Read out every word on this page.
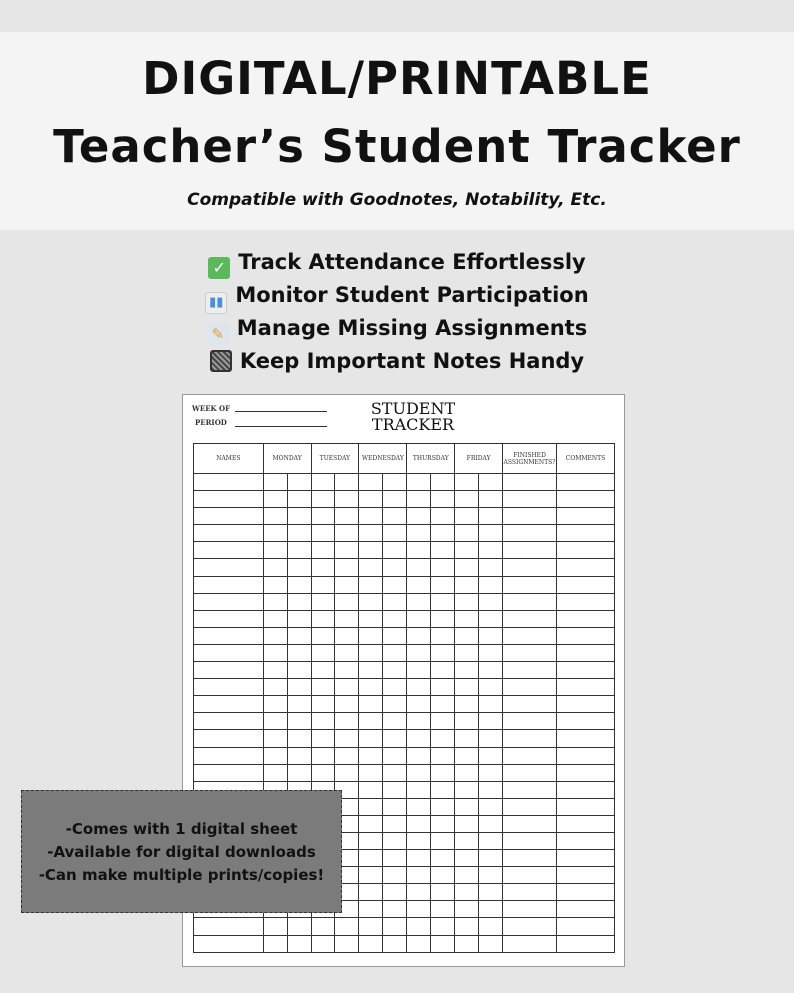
DIGITAL/PRINTABLE
Teacher’s Student Tracker
Compatible with Goodnotes, Notability, Etc.
✓ Track Attendance Effortlessly
▮▮ Monitor Student Participation
✎ Manage Missing Assignments
Keep Important Notes Handy
WEEK OF
PERIOD
STUDENT
TRACKER
NAMES	MONDAY		TUESDAY		WEDNESDAY		THURSDAY		FRIDAY		FINISHED ASSIGNMENTS?	COMMENTS

-Comes with 1 digital sheet
-Available for digital downloads
-Can make multiple prints/copies!
